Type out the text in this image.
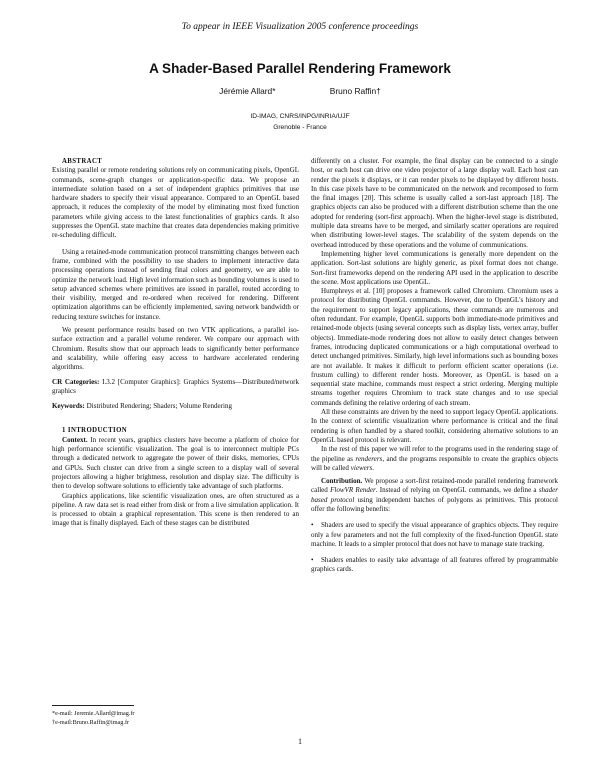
To appear in IEEE Visualization 2005 conference proceedings
A Shader-Based Parallel Rendering Framework
Jérémie Allard*	Bruno Raffin†
ID-IMAG, CNRS/INPG/INRIA/UJF
Grenoble - France

ABSTRACT

Existing parallel or remote rendering solutions rely on communicating pixels, OpenGL commands, scene-graph changes or application-specific data. We propose an intermediate solution based on a set of independent graphics primitives that use hardware shaders to specify their visual appearance. Compared to an OpenGL based approach, it reduces the complexity of the model by eliminating most fixed function parameters while giving access to the latest functionalities of graphics cards. It also suppresses the OpenGL state machine that creates data dependencies making primitive re-scheduling difficult.

Using a retained-mode communication protocol transmitting changes between each frame, combined with the possibility to use shaders to implement interactive data processing operations instead of sending final colors and geometry, we are able to optimize the network load. High level information such as bounding volumes is used to setup advanced schemes where primitives are issued in parallel, routed according to their visibility, merged and re-ordered when received for rendering. Different optimization algorithms can be efficiently implemented, saving network bandwidth or reducing texture switches for instance.

We present performance results based on two VTK applications, a parallel iso-surface extraction and a parallel volume renderer. We compare our approach with Chromium. Results show that our approach leads to significantly better performance and scalability, while offering easy access to hardware accelerated rendering algorithms.

CR Categories: I.3.2 [Computer Graphics]: Graphics Systems—Distributed/network graphics

Keywords: Distributed Rendering; Shaders; Volume Rendering

1 INTRODUCTION

Context. In recent years, graphics clusters have become a platform of choice for high performance scientific visualization. The goal is to interconnect multiple PCs through a dedicated network to aggregate the power of their disks, memories, CPUs and GPUs. Such cluster can drive from a single screen to a display wall of several projectors allowing a higher brightness, resolution and display size. The difficulty is then to develop software solutions to efficiently take advantage of such platforms.

Graphics applications, like scientific visualization ones, are often structured as a pipeline. A raw data set is read either from disk or from a live simulation application. It is processed to obtain a graphical representation. This scene is then rendered to an image that is finally displayed. Each of these stages can be distributed

differently on a cluster. For example, the final display can be connected to a single host, or each host can drive one video projector of a large display wall. Each host can render the pixels it displays, or it can render pixels to be displayed by different hosts. In this case pixels have to be communicated on the network and recomposed to form the final images [20]. This scheme is usually called a sort-last approach [18]. The graphics objects can also be produced with a different distribution scheme than the one adopted for rendering (sort-first approach). When the higher-level stage is distributed, multiple data streams have to be merged, and similarly scatter operations are required when distributing lower-level stages. The scalability of the system depends on the overhead introduced by these operations and the volume of communications.

Implementing higher level communications is generally more dependent on the application. Sort-last solutions are highly generic, as pixel format does not change. Sort-first frameworks depend on the rendering API used in the application to describe the scene. Most applications use OpenGL.

Humphreys et al. [10] proposes a framework called Chromium. Chromium uses a protocol for distributing OpenGL commands. However, due to OpenGL's history and the requirement to support legacy applications, these commands are numerous and often redundant. For example, OpenGL supports both immediate-mode primitives and retained-mode objects (using several concepts such as display lists, vertex array, buffer objects). Immediate-mode rendering does not allow to easily detect changes between frames, introducing duplicated communications or a high computational overhead to detect unchanged primitives. Similarly, high level informations such as bounding boxes are not available. It makes it difficult to perform efficient scatter operations (i.e. frustum culling) to different render hosts. Moreover, as OpenGL is based on a sequential state machine, commands must respect a strict ordering. Merging multiple streams together requires Chromium to track state changes and to use special commands defining the relative ordering of each stream.

All these constraints are driven by the need to support legacy OpenGL applications. In the context of scientific visualization where performance is critical and the final rendering is often handled by a shared toolkit, considering alternative solutions to an OpenGL based protocol is relevant.

In the rest of this paper we will refer to the programs used in the rendering stage of the pipeline as renderers, and the programs responsible to create the graphics objects will be called viewers.

Contribution. We propose a sort-first retained-mode parallel rendering framework called FlowVR Render. Instead of relying on OpenGL commands, we define a shader based protocol using independent batches of polygons as primitives. This protocol offer the following benefits:

• Shaders are used to specify the visual appearance of graphics objects. They require only a few parameters and not the full complexity of the fixed-function OpenGL state machine. It leads to a simpler protocol that does not have to manage state tracking.

• Shaders enables to easily take advantage of all features offered by programmable graphics cards.

*e-mail: Jeremie.Allard@imag.fr
†e-mail:Bruno.Raffin@imag.fr
1
